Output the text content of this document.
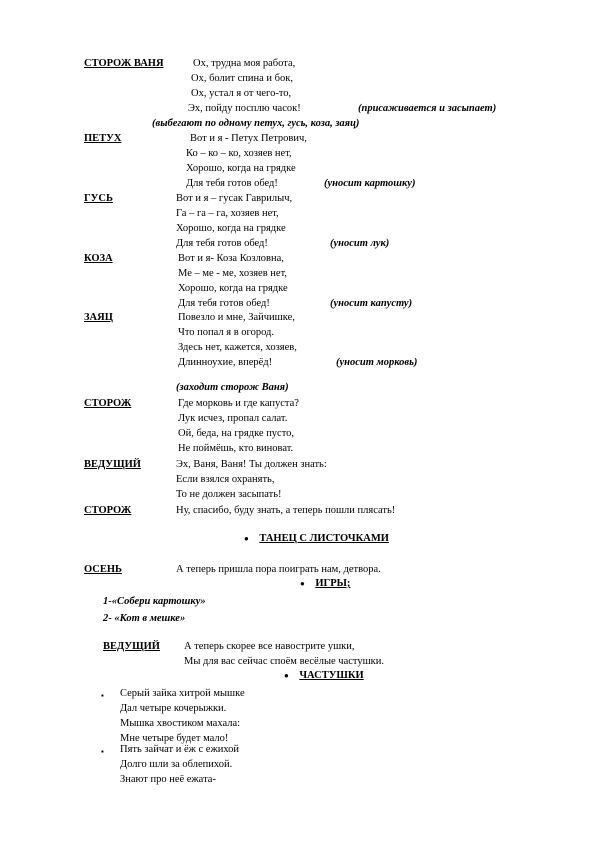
СТОРОЖ ВАНЯ	Ох, трудна моя работа,
Ох, болит спина и бок,
Ох, устал я от чего-то,
Эх, пойду посплю часок!	(присаживается и засыпает)
(выбегают по одному петух, гусь, коза, заяц)
ПЕТУХ	Вот и я - Петух Петрович,
Ко – ко – ко, хозяев нет,
Хорошо, когда на грядке
Для тебя готов обед!	(уносит картошку)
ГУСЬ	Вот и я – гусак Гаврилыч,
Га – га – га, хозяев нет,
Хорошо, когда на грядке
Для тебя готов обед!	(уносит лук)
КОЗА	Вот и я- Коза Козловна,
Ме – ме - ме, хозяев нет,
Хорошо, когда на грядке
Для тебя готов обед!	(уносит капусту)
ЗАЯЦ	Повезло и мне, Зайчишке,
Что попал я в огород.
Здесь нет, кажется, хозяев,
Длинноухие, вперёд!	(уносит морковь)
(заходит сторож Ваня)
СТОРОЖ	Где морковь и где капуста?
Лук исчез, пропал салат.
Ой, беда, на грядке пусто,
Не поймёшь, кто виноват.
ВЕДУЩИЙ	Эх, Ваня, Ваня! Ты должен знать:
Если взялся охранять,
То не должен засыпать!
СТОРОЖ	Ну, спасибо, буду знать, а теперь пошли плясать!
● ТАНЕЦ С ЛИСТОЧКАМИ
ОСЕНЬ	А теперь пришла пора поиграть нам, детвора.
● ИГРЫ;
1-«Собери картошку»
2- «Кот в мешке»
ВЕДУЩИЙ А теперь скорее все навострите ушки,
Мы для вас сейчас споём весёлые частушки.
● ЧАСТУШКИ
▪ Серый зайка хитрой мышке
Дал четыре кочерыжки.
Мышка хвостиком махала:
Мне четыре будет мало!
▪ Пять зайчат и ёж с ежихой
Долго шли за облепихой.
Знают про неё ежата-
